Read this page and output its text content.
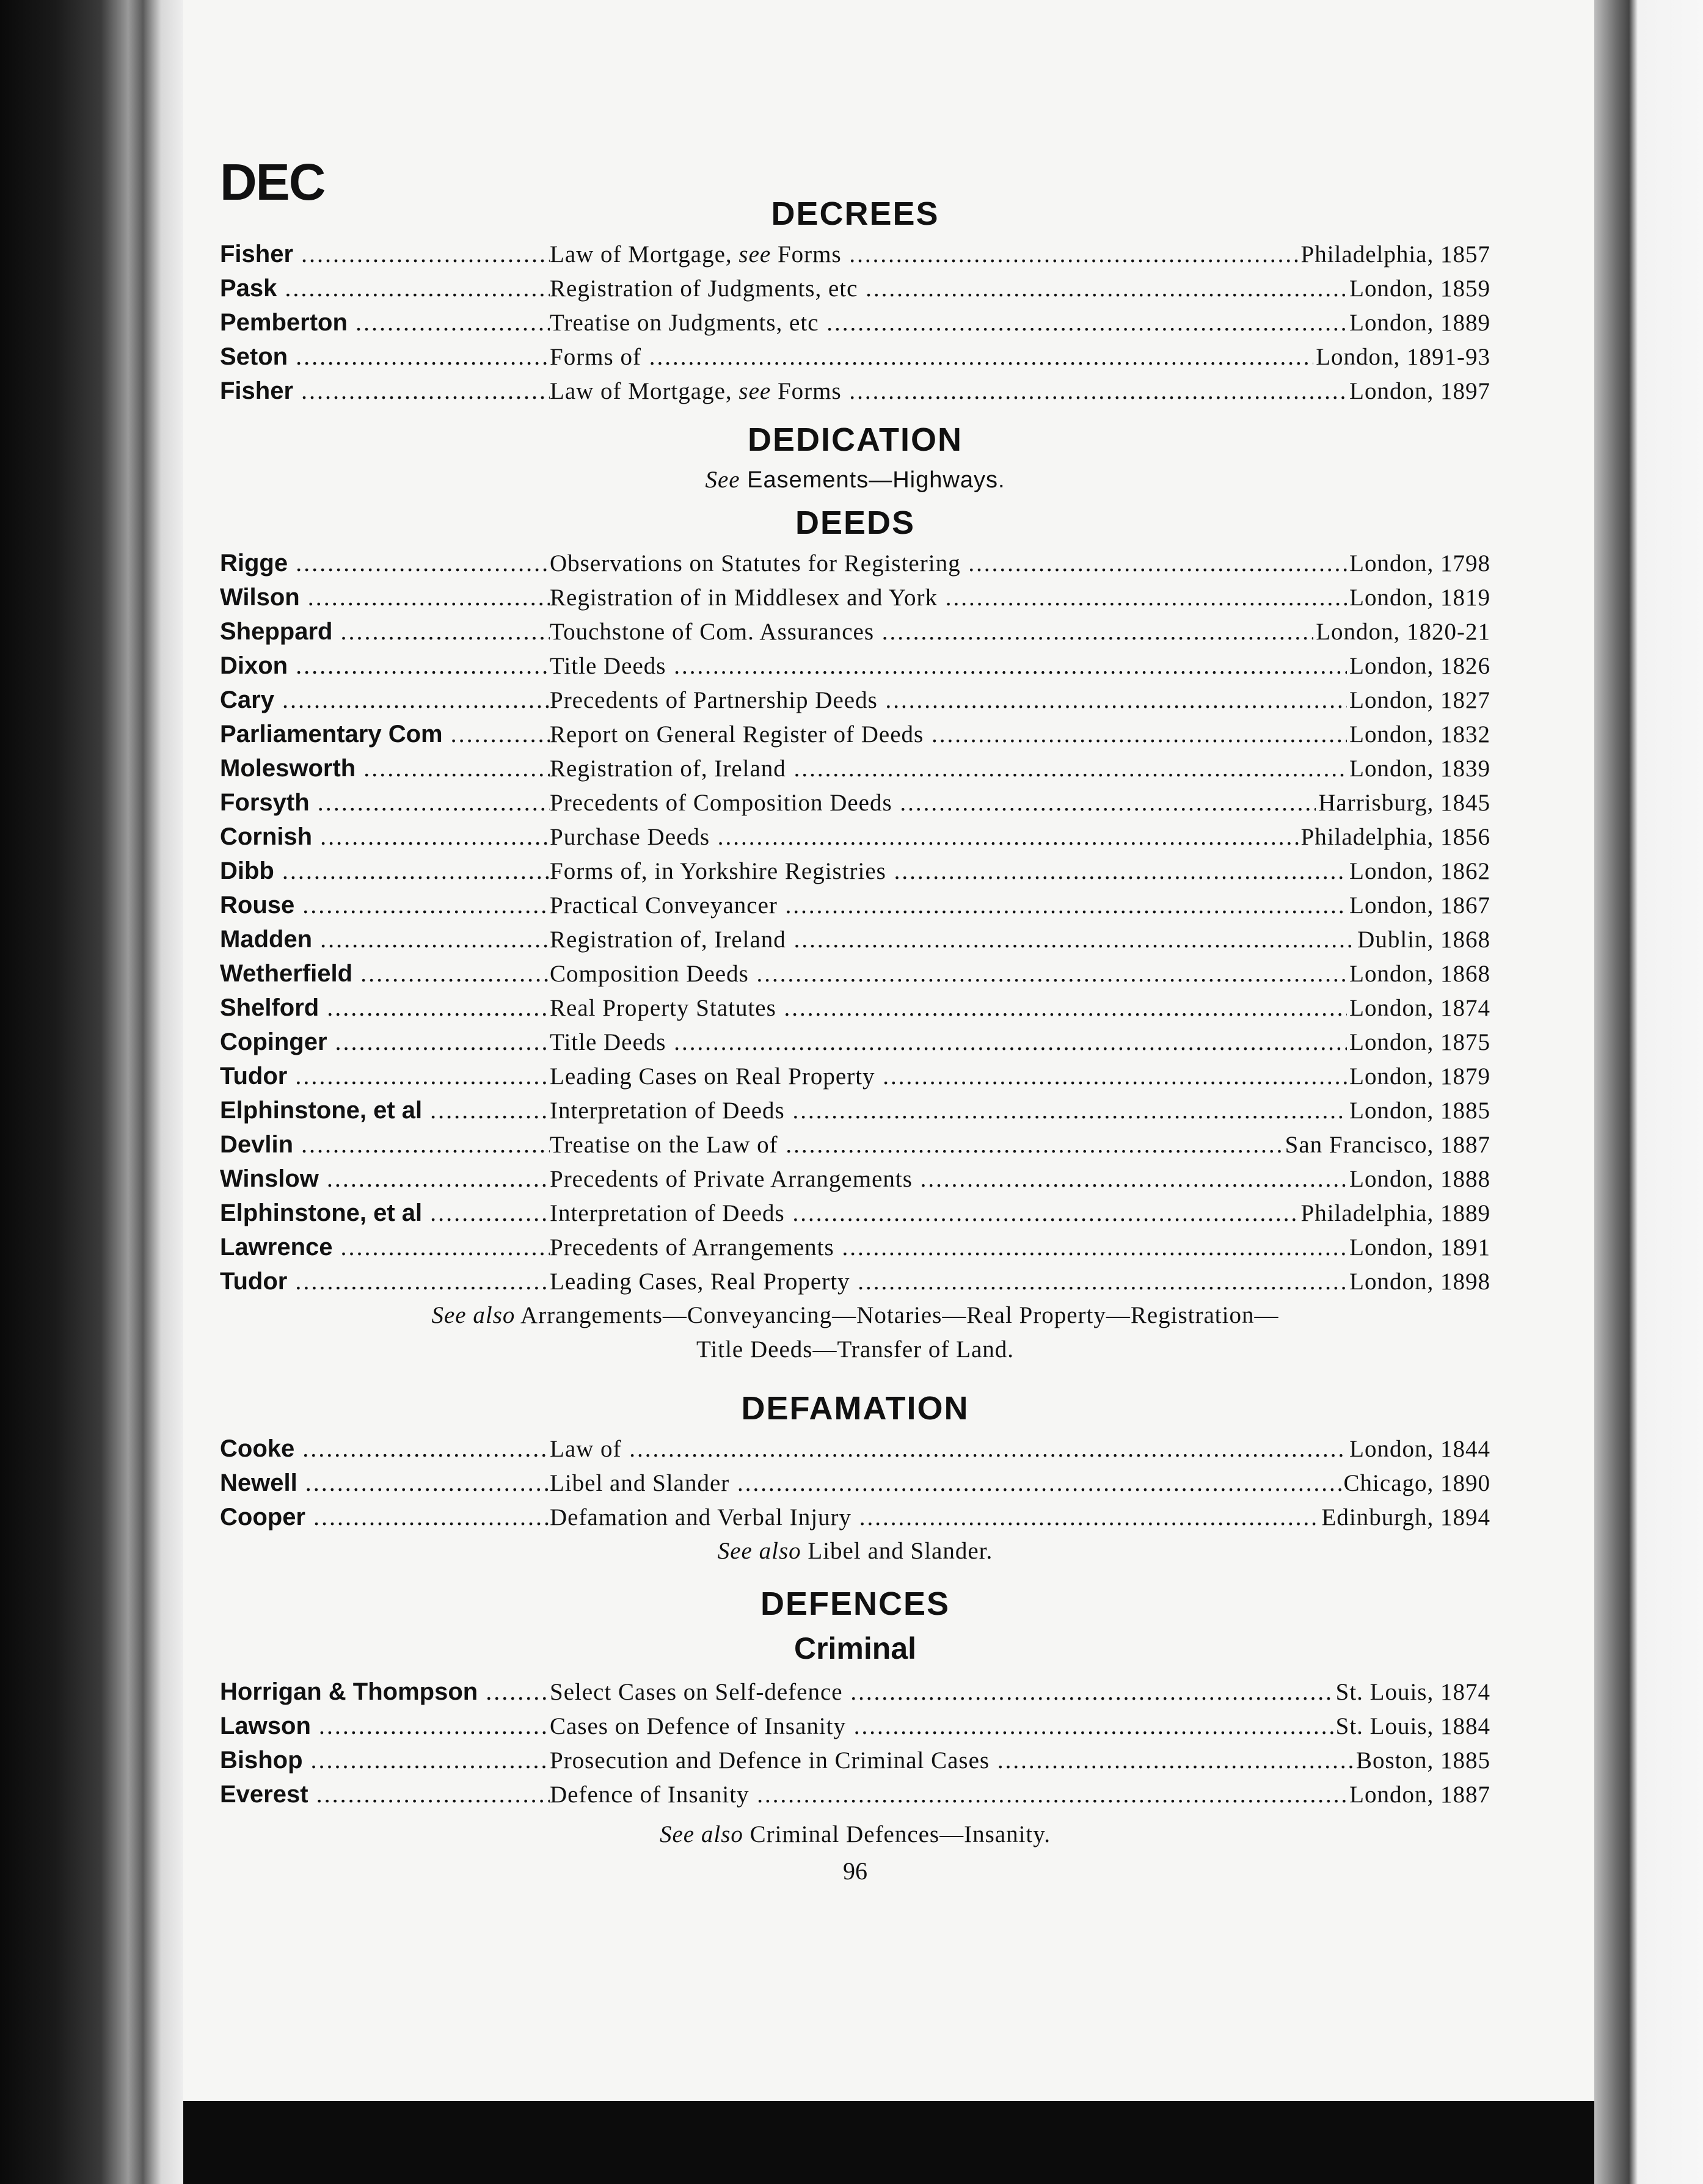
DEC
DECREES
Fisher .....	Law of Mortgage, see Forms .....	Philadelphia, 1857
Pask .....	Registration of Judgments, etc .....	London, 1859
Pemberton .....	Treatise on Judgments, etc .....	London, 1889
Seton .....	Forms of .....	London, 1891-93
Fisher .....	Law of Mortgage, see Forms .....	London, 1897
DEDICATION
See Easements—Highways.
DEEDS
Rigge .....	Observations on Statutes for Registering .....	London, 1798
Wilson .....	Registration of in Middlesex and York .....	London, 1819
Sheppard .....	Touchstone of Com. Assurances .....	London, 1820-21
Dixon .....	Title Deeds .....	London, 1826
Cary .....	Precedents of Partnership Deeds .....	London, 1827
Parliamentary Com .....	Report on General Register of Deeds .....	London, 1832
Molesworth .....	Registration of, Ireland .....	London, 1839
Forsyth .....	Precedents of Composition Deeds .....	Harrisburg, 1845
Cornish .....	Purchase Deeds .....	Philadelphia, 1856
Dibb .....	Forms of, in Yorkshire Registries .....	London, 1862
Rouse .....	Practical Conveyancer .....	London, 1867
Madden .....	Registration of, Ireland .....	Dublin, 1868
Wetherfield .....	Composition Deeds .....	London, 1868
Shelford .....	Real Property Statutes .....	London, 1874
Copinger .....	Title Deeds .....	London, 1875
Tudor .....	Leading Cases on Real Property .....	London, 1879
Elphinstone, et al .....	Interpretation of Deeds .....	London, 1885
Devlin .....	Treatise on the Law of .....	San Francisco, 1887
Winslow .....	Precedents of Private Arrangements .....	London, 1888
Elphinstone, et al .....	Interpretation of Deeds .....	Philadelphia, 1889
Lawrence .....	Precedents of Arrangements .....	London, 1891
Tudor .....	Leading Cases, Real Property .....	London, 1898
See also Arrangements—Conveyancing—Notaries—Real Property—Registration—
Title Deeds—Transfer of Land.
DEFAMATION
Cooke .....	Law of .....	London, 1844
Newell .....	Libel and Slander .....	Chicago, 1890
Cooper .....	Defamation and Verbal Injury .....	Edinburgh, 1894
See also Libel and Slander.
DEFENCES
Criminal
Horrigan & Thompson .....	Select Cases on Self-defence .....	St. Louis, 1874
Lawson .....	Cases on Defence of Insanity .....	St. Louis, 1884
Bishop .....	Prosecution and Defence in Criminal Cases .....	Boston, 1885
Everest .....	Defence of Insanity .....	London, 1887
See also Criminal Defences—Insanity.
96
